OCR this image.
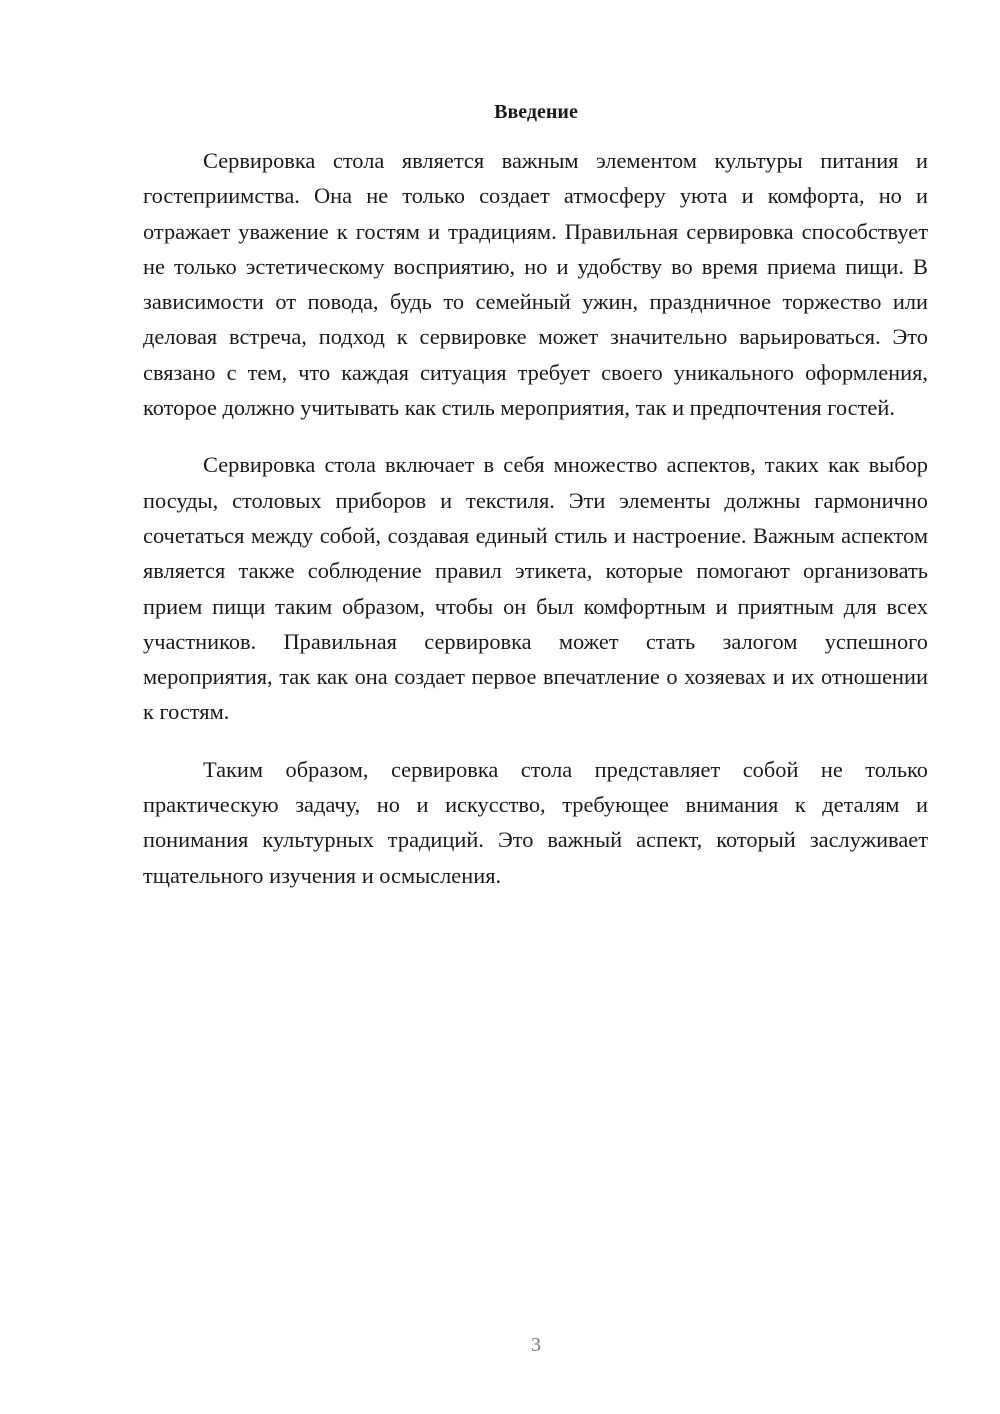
Введение

Сервировка стола является важным элементом культуры питания и гостеприимства. Она не только создает атмосферу уюта и комфорта, но и отражает уважение к гостям и традициям. Правильная сервировка способствует не только эстетическому восприятию, но и удобству во время приема пищи. В зависимости от повода, будь то семейный ужин, праздничное торжество или деловая встреча, подход к сервировке может значительно варьироваться. Это связано с тем, что каждая ситуация требует своего уникального оформления, которое должно учитывать как стиль мероприятия, так и предпочтения гостей.

Сервировка стола включает в себя множество аспектов, таких как выбор посуды, столовых приборов и текстиля. Эти элементы должны гармонично сочетаться между собой, создавая единый стиль и настроение. Важным аспектом является также соблюдение правил этикета, которые помогают организовать прием пищи таким образом, чтобы он был комфортным и приятным для всех участников. Правильная сервировка может стать залогом успешного мероприятия, так как она создает первое впечатление о хозяевах и их отношении к гостям.

Таким образом, сервировка стола представляет собой не только практическую задачу, но и искусство, требующее внимания к деталям и понимания культурных традиций. Это важный аспект, который заслуживает тщательного изучения и осмысления.

3
